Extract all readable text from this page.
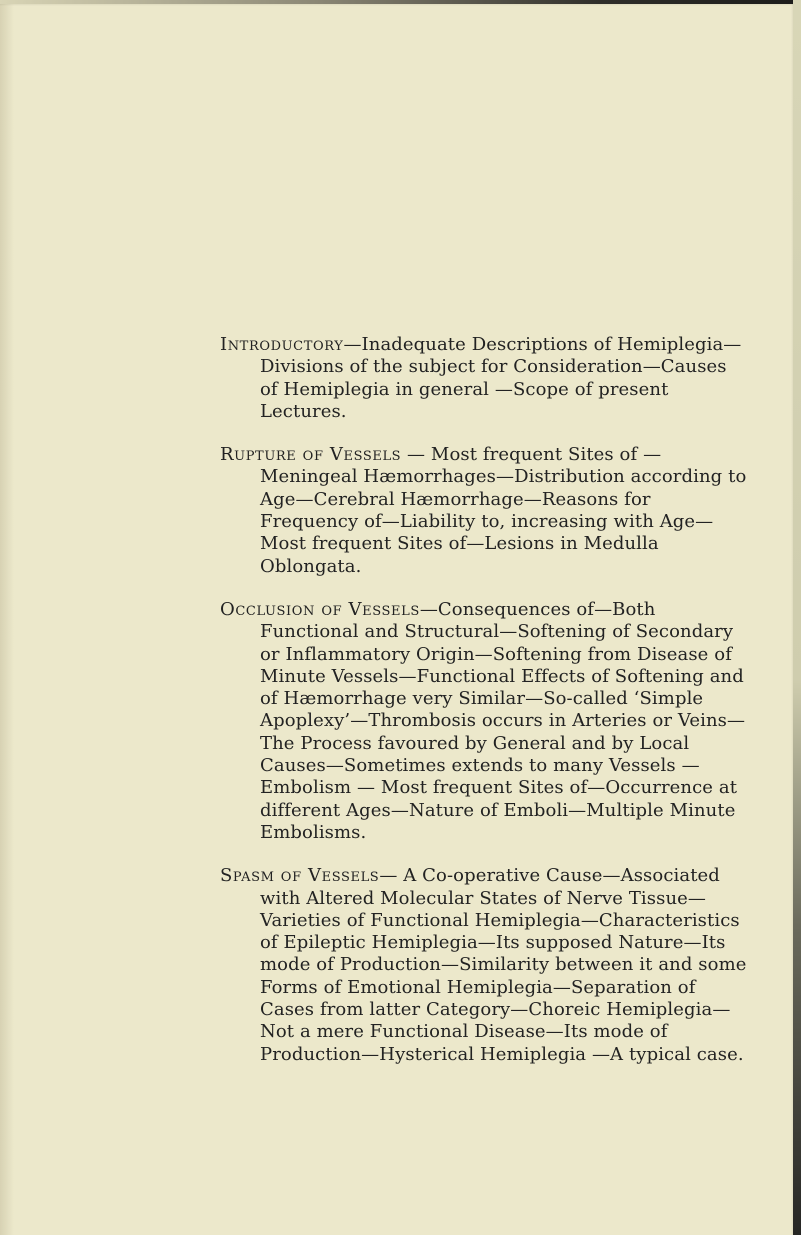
Introductory—Inadequate Descriptions of Hemiplegia—Divisions of the subject for Consideration—Causes of Hemiplegia in general —Scope of present Lectures.

Rupture of Vessels — Most frequent Sites of — Meningeal Hæmorrhages—Distribution according to Age—Cerebral Hæmorrhage—Reasons for Frequency of—Liability to, increasing with Age—Most frequent Sites of—Lesions in Medulla Oblongata.

Occlusion of Vessels—Consequences of—Both Functional and Structural—Softening of Secondary or Inflammatory Origin—Softening from Disease of Minute Vessels—Functional Effects of Softening and of Hæmorrhage very Similar—So-called ‘Simple Apoplexy’—Thrombosis occurs in Arteries or Veins—The Process favoured by General and by Local Causes—Sometimes extends to many Vessels — Embolism — Most frequent Sites of—Occurrence at different Ages—Nature of Emboli—Multiple Minute Embolisms.

Spasm of Vessels— A Co-operative Cause—Associated with Altered Molecular States of Nerve Tissue—Varieties of Functional Hemiplegia—Characteristics of Epileptic Hemiplegia—Its supposed Nature—Its mode of Production—Similarity between it and some Forms of Emotional Hemiplegia—Separation of Cases from latter Category—Choreic Hemiplegia—Not a mere Functional Disease—Its mode of Production—Hysterical Hemiplegia —A typical case.
